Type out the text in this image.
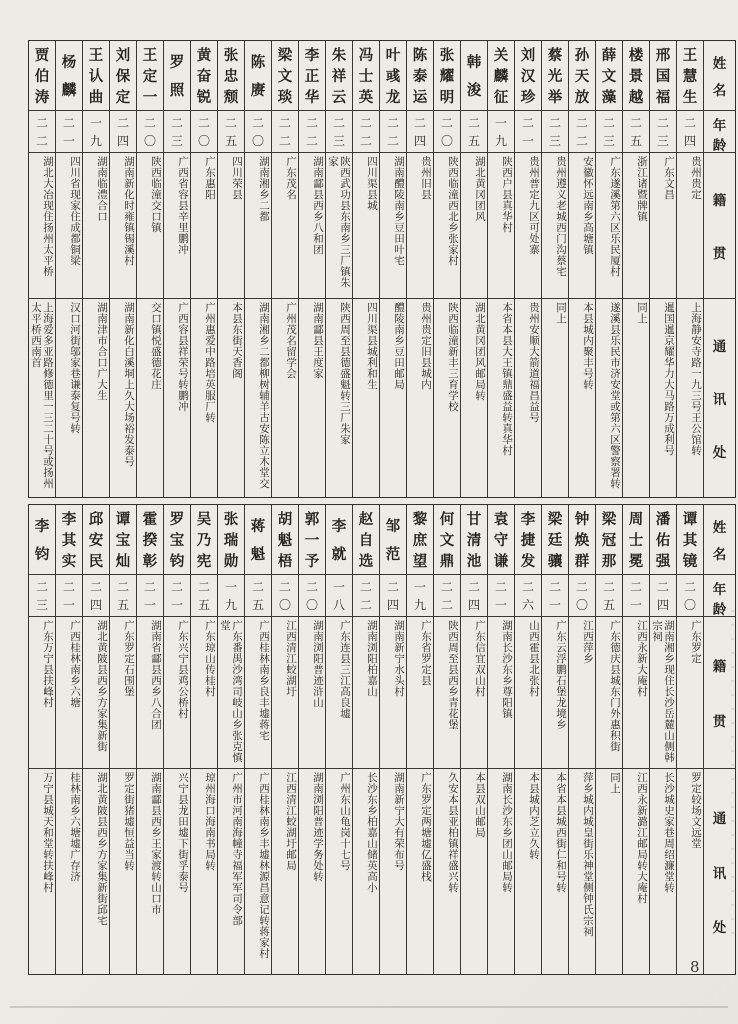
姓
名
年
龄
籍
贯
通
讯
处
王
慧
生
二
四
贵州贵定
上海静安寺路一九三号王公馆转
邢
国
福
二
三
广东文昌
暹国暹京耀华力大马路万成利号
楼
景
越
二
五
浙江诸暨牌镇
同上
薛
文
藻
二
三
广东遂溪第六区乐民厦村
遂溪县乐民市济安堂或第六区警察署转
孙
天
放
二
二
安徽怀远南乡高塘镇
本县城内聚丰号转
蔡
光
举
二
三
贵州遵义老城西门沟蔡宅
同上
刘
汉
珍
二
一
贵州普定九区可处寨
贵州安顺大箭道福昌益号
关
麟
征
一
九
陕西户县真华村
本省本县大王镇鼎盛益转真华村
韩
浚
二
五
湖北黄冈团风
湖北黄冈团风邮局转
张
耀
明
二
〇
陕西临潼西北乡张家村
陕西临潼新丰三育学校
陈
泰
运
二
四
贵州旧县
贵州贵定旧县城内
叶
彧
龙
二
二
湖南醴陵南乡豆田叶宅
醴陵南乡豆田邮局
冯
士
英
二
二
四川渠县城
四川渠县城利和生
朱
祥
云
二
三
陕西武功县东南乡三厂镇朱家
陕西周至县德盛魁转三厂朱家
李
正
华
二
二
湖南酃县西乡八和团
湖南酃县王度家
梁
文
琰
二
二
广东茂名
广州茂名留学会
陈
赓
二
〇
湖南湘乡二都
湖南湘乡二都柳树辅羊古安陈立木堂交
张
忠
颓
二
五
四川荣县
本县东街天香阁
黄
奋
锐
二
〇
广东惠阳
广州惠爱中路培英服厂转
罗
照
二
三
广西省容县辛里鹏冲
广西容县祥荣号转鹏冲
王
定
一
二
〇
陕西临潼交口镇
交口镇悦盛德花庄
刘
保
定
二
四
湖南新化时雍镇锡溪村
湖南新化白溪垌上久大场裕发泰号
王
认
曲
一
九
湖南临澧合口
湖南津市合口广大生
杨
麟
二
一
四川省现家住成都铜梁
汉口河街邬家巷谦泰复号转
贾
伯
涛
二
二
湖北大冶现住扬州太平桥
上海爱多亚路修德里一三二十号或扬州太平桥西南首
姓
名
年
龄
籍
贯
通
讯
处
谭
其
镜
二
〇
广东罗定
罗定较场文远堂
潘
佑
强
二
四
湖南湘乡现住长沙岳麓山侧韩宗祠
长沙城史家巷周绍濂堂转
周
士
冕
二
一
江西永新大庵村
江西永新潞江邮局转大庵村
梁
冠
那
二
五
广东德庆县城东门外惠积街
同上
钟
焕
群
二
〇
江西萍乡
萍乡城内城皇街乐神堂侧钟氏宗祠
梁
廷
骧
二
一
广东云浮鹏石堡龙境乡
本省本县城西街仁和号转
李
捷
发
二
六
山西霍县北张村
本县城内芝立久转
袁
守
谦
二
一
湖南长沙东乡尊阳镇
湖南长沙东乡团山邮局转
甘
清
池
二
四
广东信宜双山村
本县双山邮局
何
文
鼎
二
二
陕西周至县西乡青花堡
久安本县亚柏镇祥盛兴转
黎
庶
望
一
九
广东省罗定县
广东罗定两塘墟亿盛栈
邹
范
二
四
湖南新宁水头村
湖南新宁大有荣布号
赵
自
选
二
二
湖南浏阳柏嘉山
长沙东乡柏嘉山储英高小
李
就
一
八
广东连县三江高良墟
广州东山龟岗十七号
郭
一
予
二
〇
湖南浏阳普迹浒山
湖南浏阳普迹学务处转
胡
魁
梧
二
〇
江西清江蛟湖圩
江西清江蛟湖圩邮局
蒋
魁
二
五
广西桂林南乡良丰墟蒋宅
广西桂林南乡丰墟林源昌意记转蒋家村
张
瑞
勋
一
九
广东番禺沙湾司岐山乡张克慎堂
广州市河南海幢寺福军军司令部
吴
乃
宪
二
五
广东琼山传桂村
琼州海口海南书局转
罗
宝
钧
二
一
广东兴宁县鸡公桥村
兴宁县龙田墟下街孚泰号
霍
揆
彰
二
一
湖南省酃县西乡八合团
湖南酃县西乡王家渡转山口市
谭
宝
灿
二
五
广东罗定石围堡
罗定街猪墟恒益当转
邱
安
民
二
四
湖北黄陂县西乡方家集新街
湖北黄陂县西乡方家集新街邱宅
李
其
实
二
一
广西桂林南乡六塘
桂林南乡六塘墟广存济
李
钧
二
三
广东万宁县扶峰村
万宁县城天和堂转扶峰村
8
